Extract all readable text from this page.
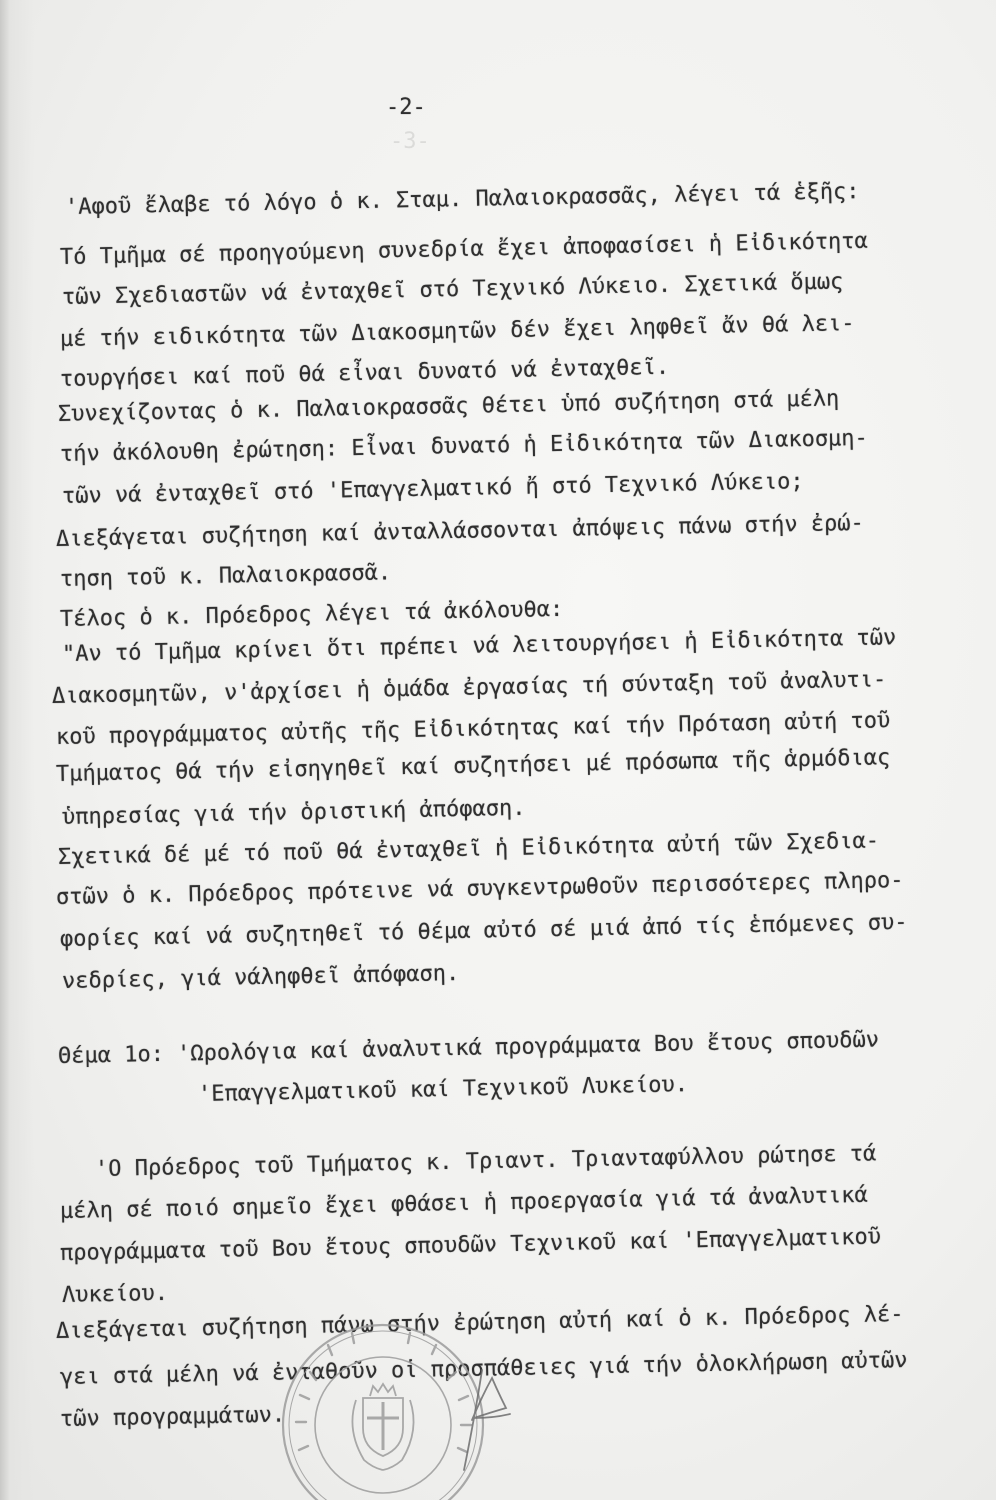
-3-
-2-
'Αφοῦ ἔλαβε τό λόγο ὁ κ. Σταμ. Παλαιοκρασσᾶς, λέγει τά ἑξῆς:
Τό Τμῆμα σέ προηγούμενη συνεδρία ἔχει ἀποφασίσει ἡ Εἰδικότητα
τῶν Σχεδιαστῶν νά ἐνταχθεῖ στό Τεχνικό Λύκειο. Σχετικά ὅμως
μέ τήν ειδικότητα τῶν Διακοσμητῶν δέν ἔχει ληφθεῖ ἄν θά λει-
τουργήσει καί ποῦ θά εἶναι δυνατό νά ἐνταχθεῖ.
Συνεχίζοντας ὁ κ. Παλαιοκρασσᾶς θέτει ὑπό συζήτηση στά μέλη
τήν ἀκόλουθη ἐρώτηση: Εἶναι δυνατό ἡ Εἰδικότητα τῶν Διακοσμη-
τῶν νά ἐνταχθεῖ στό 'Επαγγελματικό ἤ στό Τεχνικό Λύκειο;
Διεξάγεται συζήτηση καί ἀνταλλάσσονται ἀπόψεις πάνω στήν ἐρώ-
τηση τοῦ κ. Παλαιοκρασσᾶ.
Τέλος ὁ κ. Πρόεδρος λέγει τά ἀκόλουθα:
"Αν τό Τμῆμα κρίνει ὅτι πρέπει νά λειτουργήσει ἡ Εἰδικότητα τῶν
Διακοσμητῶν, ν'ἀρχίσει ἡ ὁμάδα ἐργασίας τή σύνταξη τοῦ ἀναλυτι-
κοῦ προγράμματος αὐτῆς τῆς Εἰδικότητας καί τήν Πρόταση αὐτή τοῦ
Τμήματος θά τήν εἰσηγηθεῖ καί συζητήσει μέ πρόσωπα τῆς ἁρμόδιας
ὑπηρεσίας γιά τήν ὁριστική ἀπόφαση.
Σχετικά δέ μέ τό ποῦ θά ἐνταχθεῖ ἡ Εἰδικότητα αὐτή τῶν Σχεδια-
στῶν ὁ κ. Πρόεδρος πρότεινε νά συγκεντρωθοῦν περισσότερες πληρο-
φορίες καί νά συζητηθεῖ τό θέμα αὐτό σέ μιά ἀπό τίς ἑπόμενες συ-
νεδρίες, γιά νάληφθεῖ ἀπόφαση.
Θέμα 1ο: 'Ωρολόγια καί ἀναλυτικά προγράμματα Βου ἔτους σπουδῶν
'Επαγγελματικοῦ καί Τεχνικοῦ Λυκείου.
'Ο Πρόεδρος τοῦ Τμήματος κ. Τριαντ. Τριανταφύλλου ρώτησε τά
μέλη σέ ποιό σημεῖο ἔχει φθάσει ἡ προεργασία γιά τά ἀναλυτικά
προγράμματα τοῦ Βου ἔτους σπουδῶν Τεχνικοῦ καί 'Επαγγελματικοῦ
Λυκείου.
Διεξάγεται συζήτηση πάνω στήν ἐρώτηση αὐτή καί ὁ κ. Πρόεδρος λέ-
γει στά μέλη νά ἐνταθοῦν οἱ προσπάθειες γιά τήν ὁλοκλήρωση αὐτῶν
τῶν προγραμμάτων.
